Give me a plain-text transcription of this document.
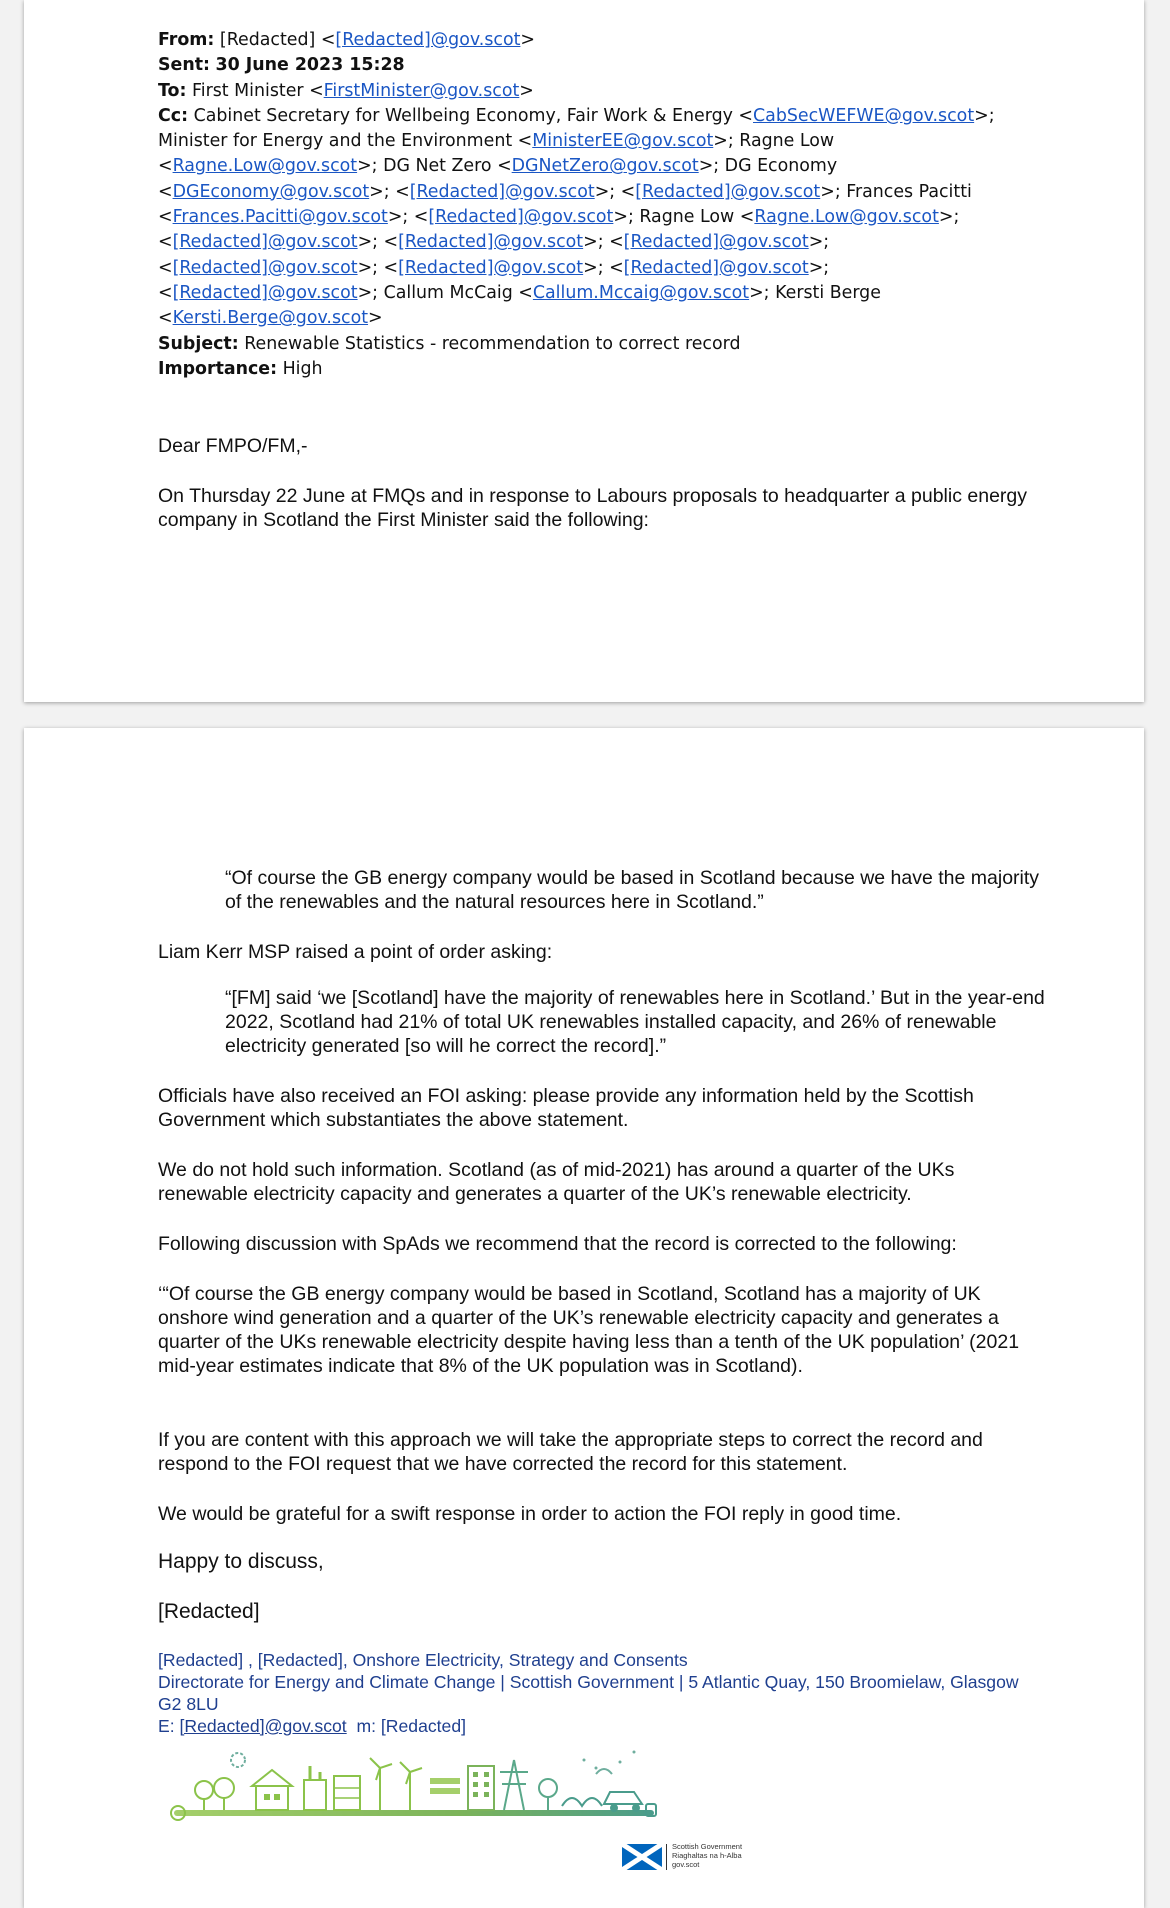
From: [Redacted] <[Redacted]@gov.scot>
Sent: 30 June 2023 15:28
To: First Minister <FirstMinister@gov.scot>
Cc: Cabinet Secretary for Wellbeing Economy, Fair Work & Energy <CabSecWEFWE@gov.scot>;
Minister for Energy and the Environment <MinisterEE@gov.scot>; Ragne Low
<Ragne.Low@gov.scot>; DG Net Zero <DGNetZero@gov.scot>; DG Economy
<DGEconomy@gov.scot>; <[Redacted]@gov.scot>; <[Redacted]@gov.scot>; Frances Pacitti
<Frances.Pacitti@gov.scot>; <[Redacted]@gov.scot>; Ragne Low <Ragne.Low@gov.scot>;
<[Redacted]@gov.scot>; <[Redacted]@gov.scot>; <[Redacted]@gov.scot>;
<[Redacted]@gov.scot>; <[Redacted]@gov.scot>; <[Redacted]@gov.scot>;
<[Redacted]@gov.scot>; Callum McCaig <Callum.Mccaig@gov.scot>; Kersti Berge
<Kersti.Berge@gov.scot>
Subject: Renewable Statistics - recommendation to correct record
Importance: High
Dear FMPO/FM,-
On Thursday 22 June at FMQs and in response to Labours proposals to headquarter a public energy company in Scotland the First Minister said the following:
“Of course the GB energy company would be based in Scotland because we have the majority of the renewables and the natural resources here in Scotland.”
Liam Kerr MSP raised a point of order asking:
“[FM] said ‘we [Scotland] have the majority of renewables here in Scotland.’ But in the year-end 2022, Scotland had 21% of total UK renewables installed capacity, and 26% of renewable electricity generated [so will he correct the record].”
Officials have also received an FOI asking: please provide any information held by the Scottish Government which substantiates the above statement.
We do not hold such information. Scotland (as of mid-2021) has around a quarter of the UKs renewable electricity capacity and generates a quarter of the UK’s renewable electricity.
Following discussion with SpAds we recommend that the record is corrected to the following:
‘“Of course the GB energy company would be based in Scotland, Scotland has a majority of UK onshore wind generation and a quarter of the UK’s renewable electricity capacity and generates a quarter of the UKs renewable electricity despite having less than a tenth of the UK population’ (2021 mid-year estimates indicate that 8% of the UK population was in Scotland).
If you are content with this approach we will take the appropriate steps to correct the record and respond to the FOI request that we have corrected the record for this statement.
We would be grateful for a swift response in order to action the FOI reply in good time.
Happy to discuss,
[Redacted]
[Redacted] , [Redacted], Onshore Electricity, Strategy and Consents
Directorate for Energy and Climate Change | Scottish Government | 5 Atlantic Quay, 150 Broomielaw, Glasgow G2 8LU
E: [Redacted]@gov.scot m: [Redacted]
Scottish Government
Riaghaltas na h-Alba
gov.scot
